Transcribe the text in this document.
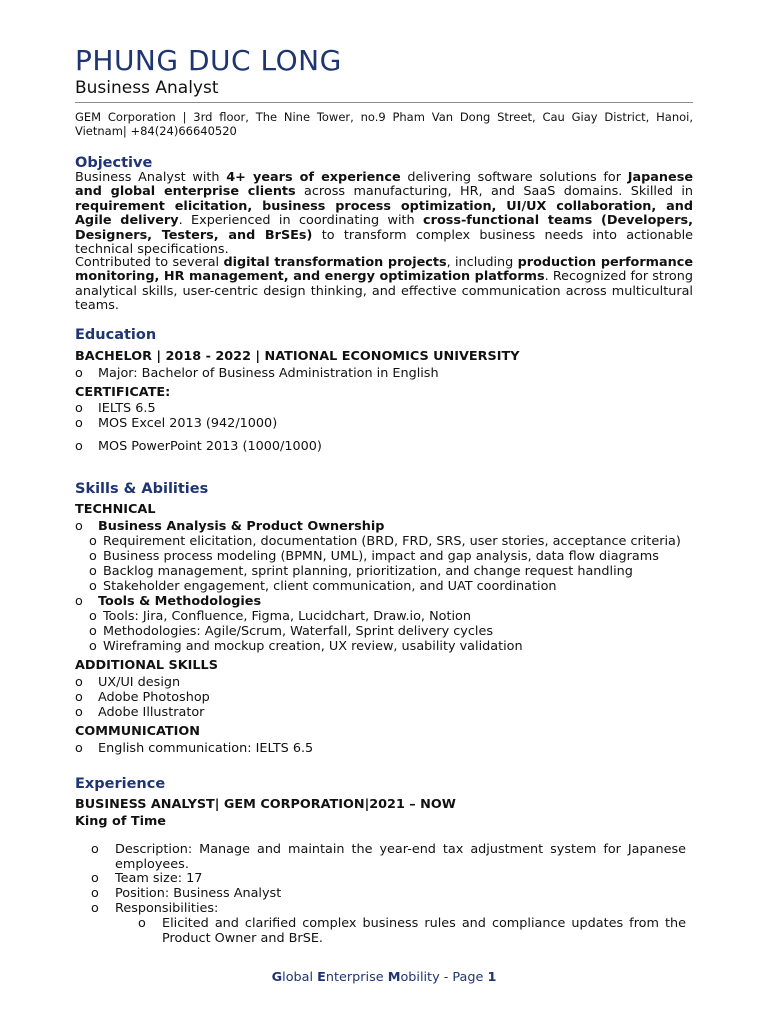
PHUNG DUC LONG
Business Analyst
GEM Corporation | 3rd floor, The Nine Tower, no.9 Pham Van Dong Street, Cau Giay District, Hanoi, Vietnam| +84(24)66640520
Objective
Business Analyst with 4+ years of experience delivering software solutions for Japanese and global enterprise clients across manufacturing, HR, and SaaS domains. Skilled in requirement elicitation, business process optimization, UI/UX collaboration, and Agile delivery. Experienced in coordinating with cross-functional teams (Developers, Designers, Testers, and BrSEs) to transform complex business needs into actionable technical specifications.
Contributed to several digital transformation projects, including production performance monitoring, HR management, and energy optimization platforms. Recognized for strong analytical skills, user-centric design thinking, and effective communication across multicultural teams.
Education
BACHELOR | 2018 - 2022 | NATIONAL ECONOMICS UNIVERSITY
o Major: Bachelor of Business Administration in English
CERTIFICATE:
o IELTS 6.5
o MOS Excel 2013 (942/1000)
o MOS PowerPoint 2013 (1000/1000)
Skills & Abilities
TECHNICAL
o Business Analysis & Product Ownership
o Requirement elicitation, documentation (BRD, FRD, SRS, user stories, acceptance criteria)
o Business process modeling (BPMN, UML), impact and gap analysis, data flow diagrams
o Backlog management, sprint planning, prioritization, and change request handling
o Stakeholder engagement, client communication, and UAT coordination
o Tools & Methodologies
o Tools: Jira, Confluence, Figma, Lucidchart, Draw.io, Notion
o Methodologies: Agile/Scrum, Waterfall, Sprint delivery cycles
o Wireframing and mockup creation, UX review, usability validation
ADDITIONAL SKILLS
o UX/UI design
o Adobe Photoshop
o Adobe Illustrator
COMMUNICATION
o English communication: IELTS 6.5
Experience
BUSINESS ANALYST| GEM CORPORATION|2021 – NOW
King of Time
o Description: Manage and maintain the year-end tax adjustment system for Japanese employees.
o Team size: 17
o Position: Business Analyst
o Responsibilities:
o Elicited and clarified complex business rules and compliance updates from the Product Owner and BrSE.
Global Enterprise Mobility - Page 1
